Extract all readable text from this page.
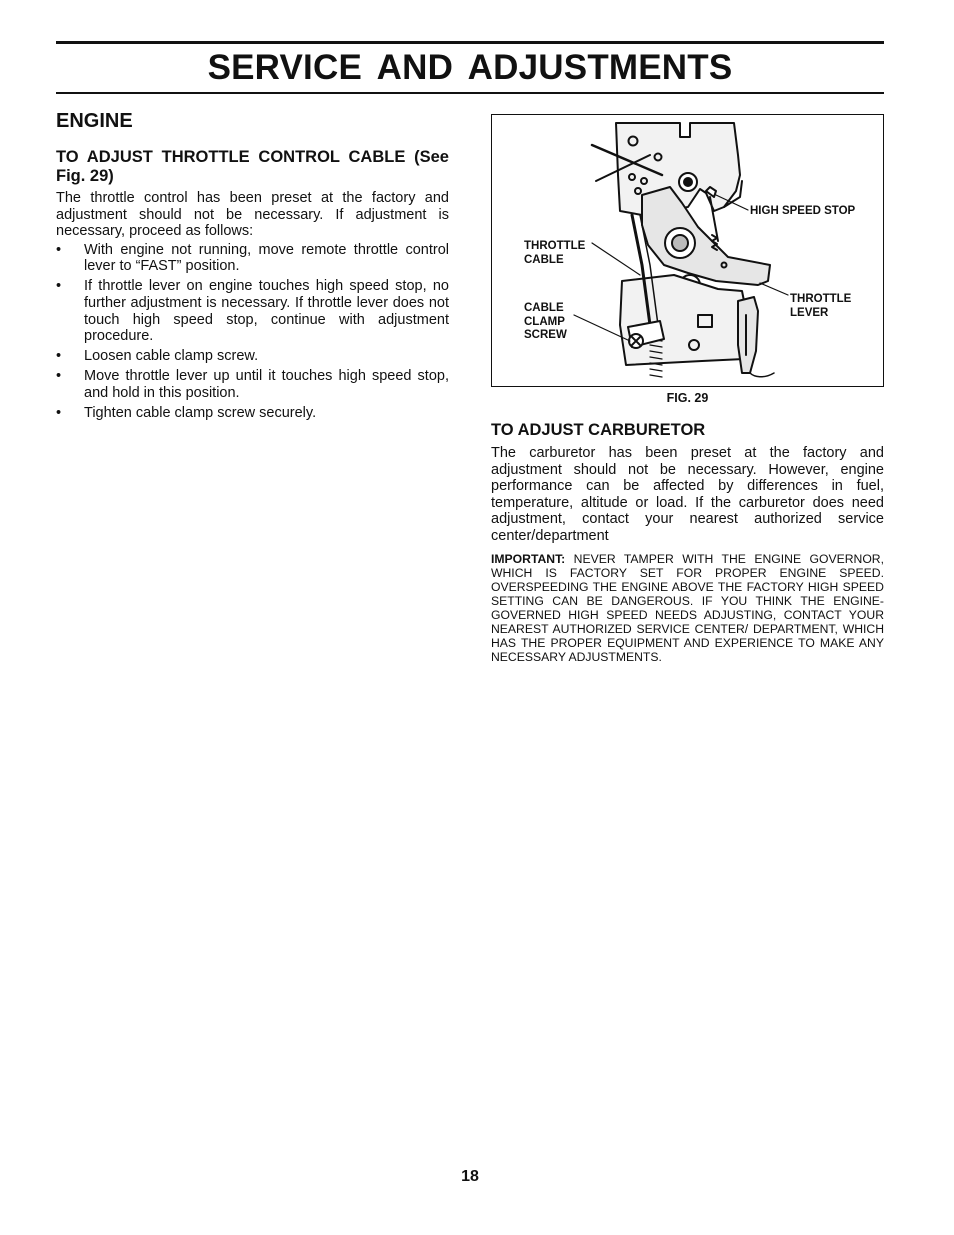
SERVICE AND ADJUSTMENTS
ENGINE
TO ADJUST THROTTLE CONTROL CABLE (See Fig. 29)

The throttle control has been preset at the factory and adjustment should not be necessary. If adjustment is necessary, proceed as follows:

• With engine not running, move remote throttle control lever to “FAST” position.
• If throttle lever on engine touches high speed stop, no further adjustment is necessary. If throttle lever does not touch high speed stop, continue with adjustment procedure.
• Loosen cable clamp screw.
• Move throttle lever up until it touches high speed stop, and hold in this position.
• Tighten cable clamp screw securely.
HIGH SPEED STOP
THROTTLE
CABLE
THROTTLE
LEVER
CABLE
CLAMP
SCREW
FIG. 29
TO ADJUST CARBURETOR

The carburetor has been preset at the factory and adjustment should not be necessary. However, engine performance can be affected by differences in fuel, temperature, altitude or load. If the carburetor does need adjustment, contact your nearest authorized service center/department

IMPORTANT: NEVER TAMPER WITH THE ENGINE GOVERNOR, WHICH IS FACTORY SET FOR PROPER ENGINE SPEED. OVERSPEEDING THE ENGINE ABOVE THE FACTORY HIGH SPEED SETTING CAN BE DANGEROUS. IF YOU THINK THE ENGINE-GOVERNED HIGH SPEED NEEDS ADJUSTING, CONTACT YOUR NEAREST AUTHORIZED SERVICE CENTER/ DEPARTMENT, WHICH HAS THE PROPER EQUIPMENT AND EXPERIENCE TO MAKE ANY NECESSARY ADJUSTMENTS.

18
